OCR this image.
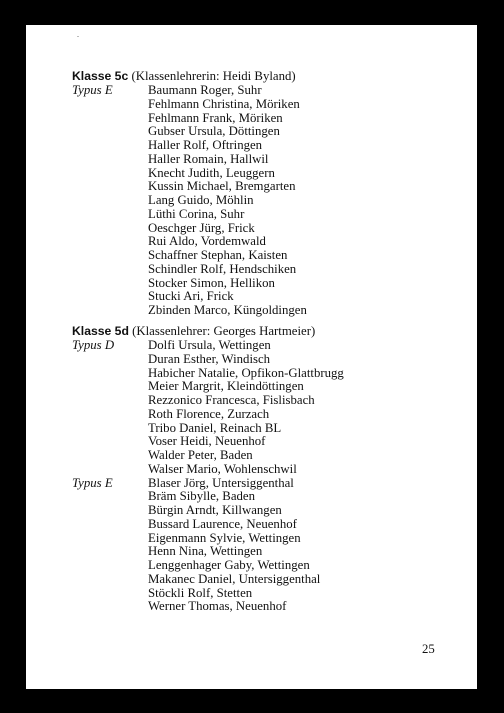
Klasse 5c (Klassenlehrerin: Heidi Byland)
Typus E	Baumann Roger, Suhr
Fehlmann Christina, Möriken
Fehlmann Frank, Möriken
Gubser Ursula, Döttingen
Haller Rolf, Oftringen
Haller Romain, Hallwil
Knecht Judith, Leuggern
Kussin Michael, Bremgarten
Lang Guido, Möhlin
Lüthi Corina, Suhr
Oeschger Jürg, Frick
Rui Aldo, Vordemwald
Schaffner Stephan, Kaisten
Schindler Rolf, Hendschiken
Stocker Simon, Hellikon
Stucki Ari, Frick
Zbinden Marco, Küngoldingen
Klasse 5d (Klassenlehrer: Georges Hartmeier)
Typus D	Dolfi Ursula, Wettingen
Duran Esther, Windisch
Habicher Natalie, Opfikon-Glattbrugg
Meier Margrit, Kleindöttingen
Rezzonico Francesca, Fislisbach
Roth Florence, Zurzach
Tribo Daniel, Reinach BL
Voser Heidi, Neuenhof
Walder Peter, Baden
Walser Mario, Wohlenschwil
Typus E	Blaser Jörg, Untersiggenthal
Bräm Sibylle, Baden
Bürgin Arndt, Killwangen
Bussard Laurence, Neuenhof
Eigenmann Sylvie, Wettingen
Henn Nina, Wettingen
Lenggenhager Gaby, Wettingen
Makanec Daniel, Untersiggenthal
Stöckli Rolf, Stetten
Werner Thomas, Neuenhof
25
